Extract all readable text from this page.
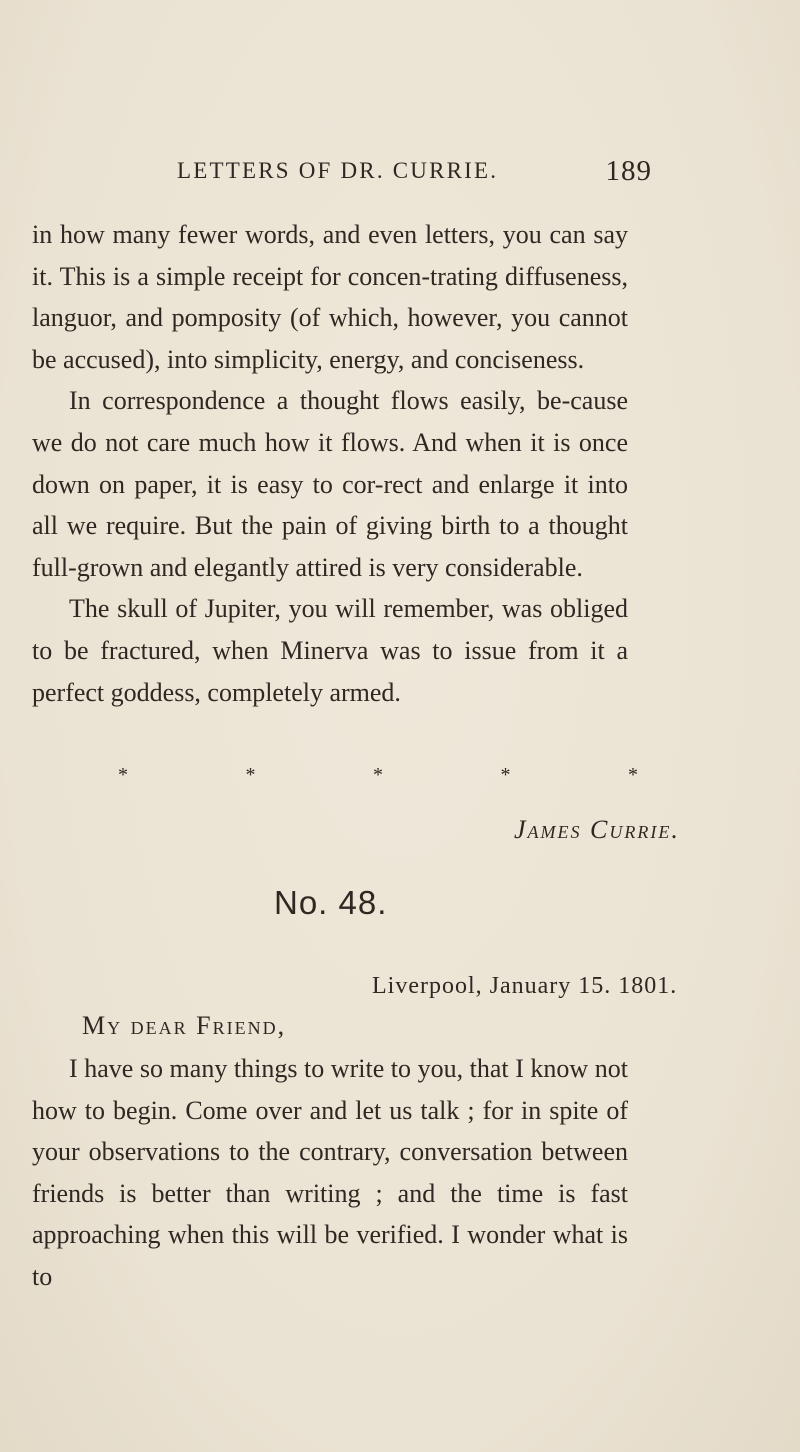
LETTERS OF DR. CURRIE.	189

in how many fewer words, and even letters, you can say it. This is a simple receipt for concen-trating diffuseness, languor, and pomposity (of which, however, you cannot be accused), into simplicity, energy, and conciseness.

In correspondence a thought flows easily, be-cause we do not care much how it flows. And when it is once down on paper, it is easy to cor-rect and enlarge it into all we require. But the pain of giving birth to a thought full-grown and elegantly attired is very considerable.

The skull of Jupiter, you will remember, was obliged to be fractured, when Minerva was to issue from it a perfect goddess, completely armed.

*	*	*	*	*
James Currie.
No. 48.
Liverpool, January 15. 1801.
My dear Friend,

I have so many things to write to you, that I know not how to begin. Come over and let us talk ; for in spite of your observations to the contrary, conversation between friends is better than writing ; and the time is fast approaching when this will be verified. I wonder what is to
